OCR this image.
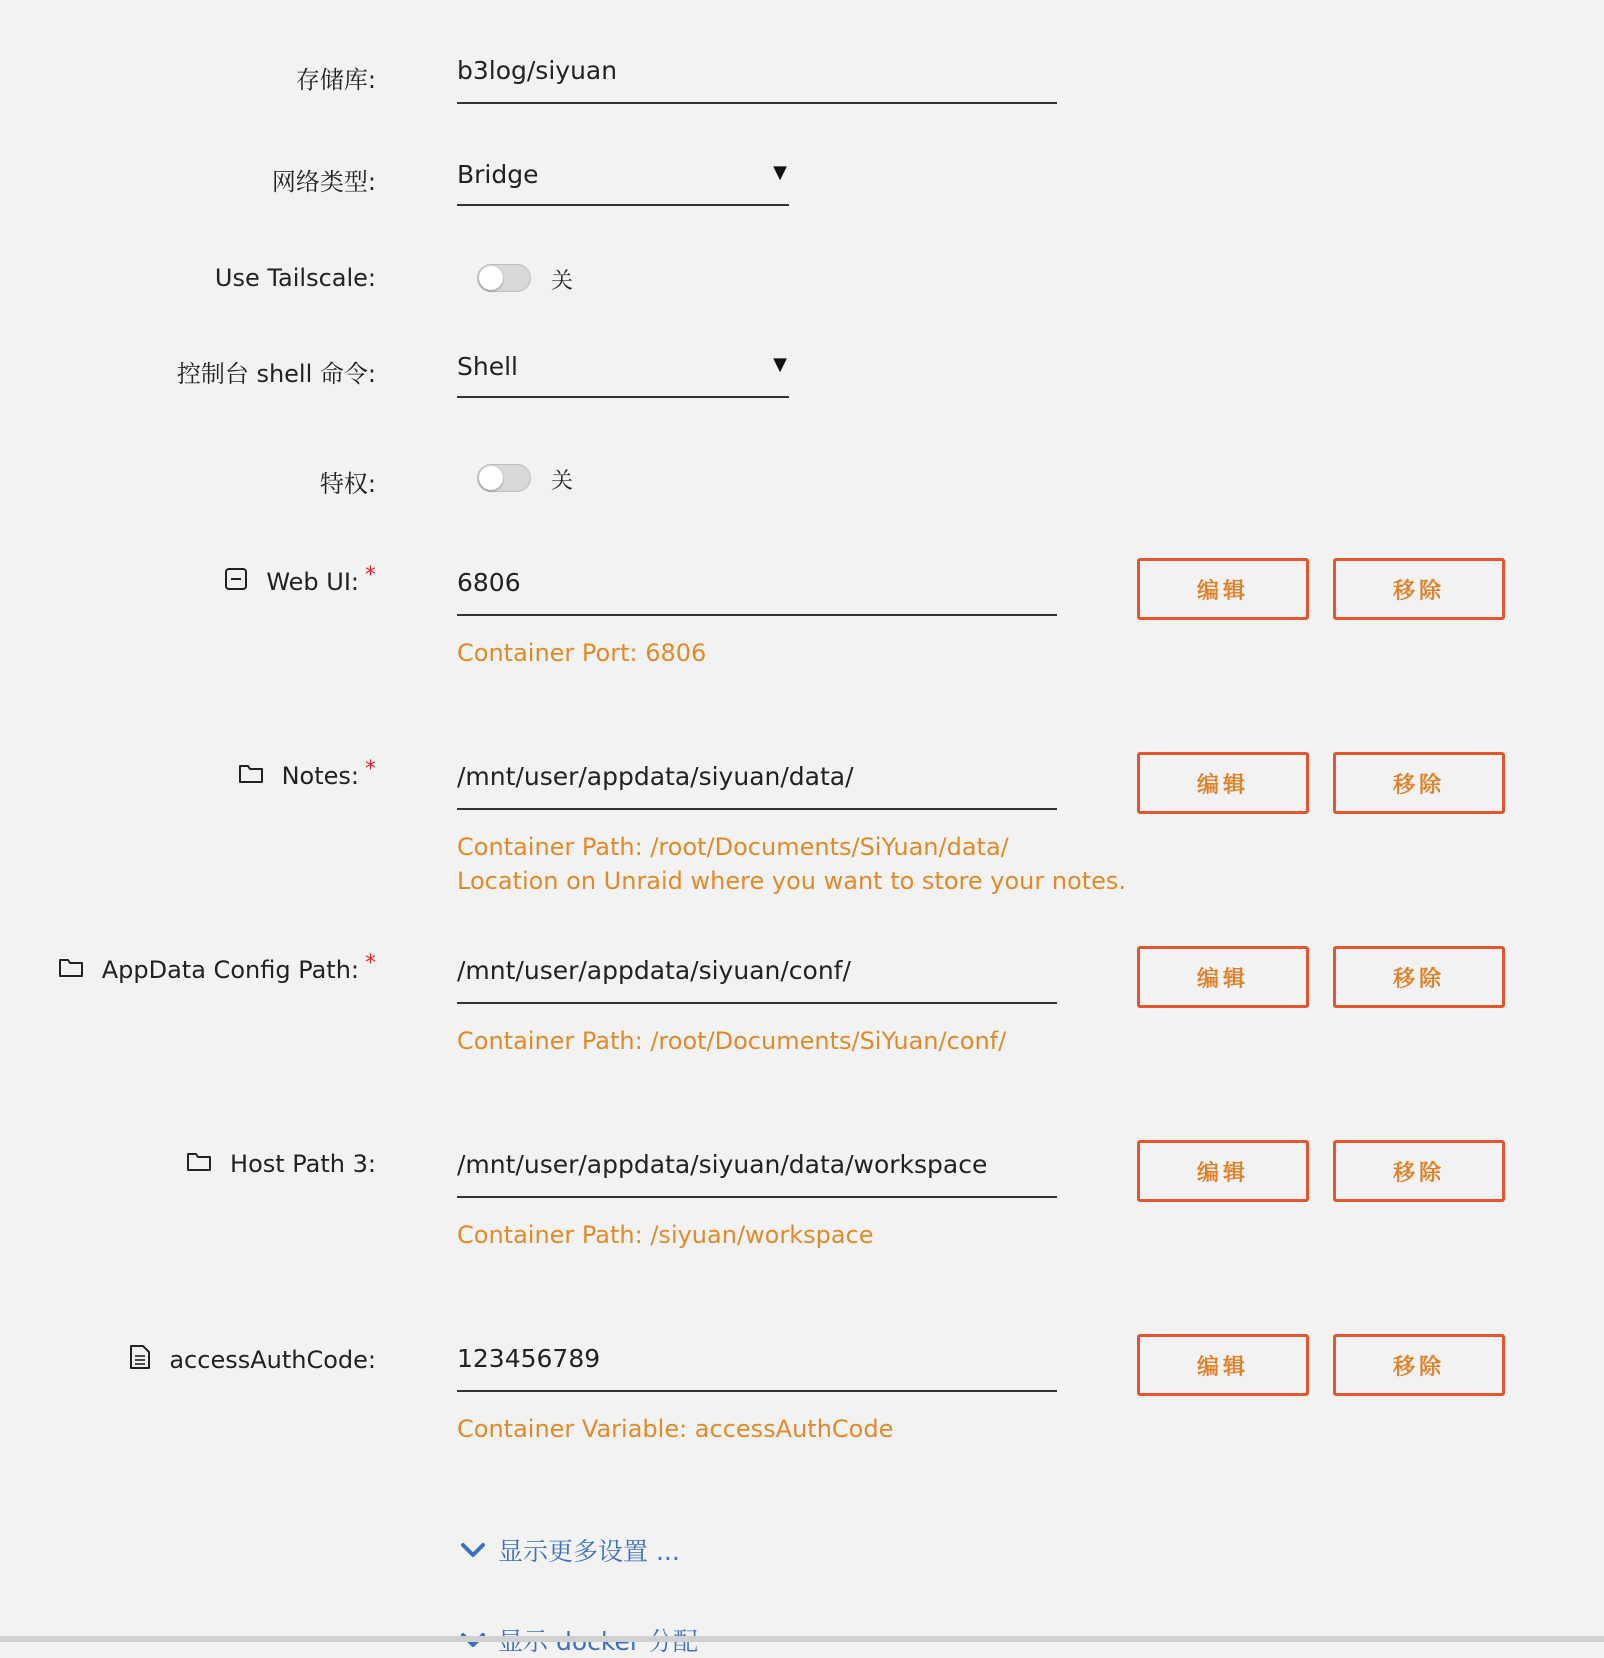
存储库:	b3log/siyuan
网络类型:	Bridge	▼
Use Tailscale:	关
控制台 shell 命令:	Shell	▼
特权:	关
Web UI: *	6806	编辑	移除
Container Port: 6806
Notes: *	/mnt/user/appdata/siyuan/data/	编辑	移除
Container Path: /root/Documents/SiYuan/data/
Location on Unraid where you want to store your notes.
AppData Config Path: *	/mnt/user/appdata/siyuan/conf/	编辑	移除
Container Path: /root/Documents/SiYuan/conf/
Host Path 3:	/mnt/user/appdata/siyuan/data/workspace	编辑	移除
Container Path: /siyuan/workspace
accessAuthCode:	123456789	编辑	移除
Container Variable: accessAuthCode
显示更多设置 ...
